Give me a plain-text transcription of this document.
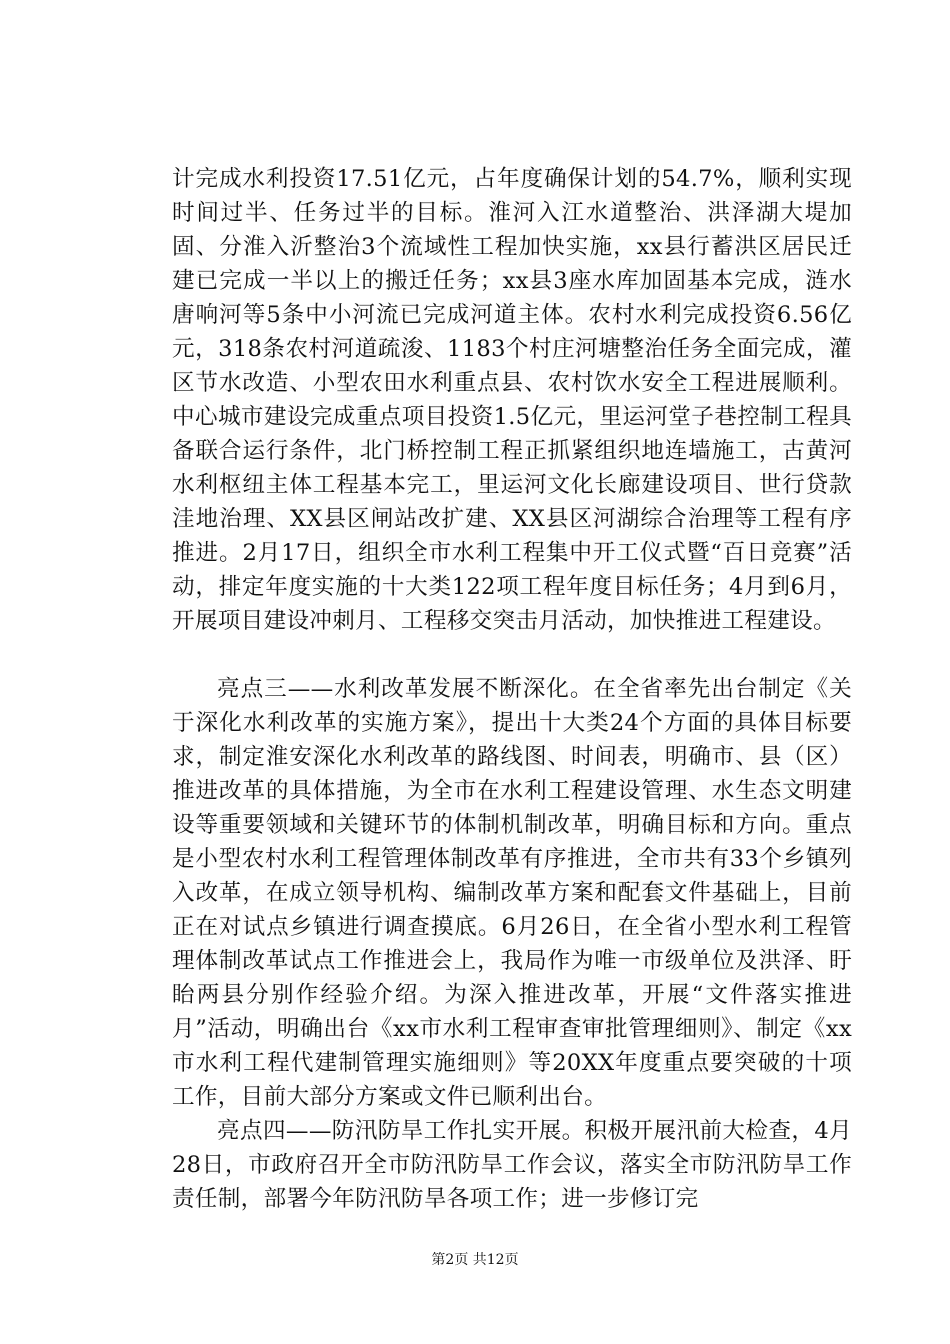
计完成水利投资17.51亿元，占年度确保计划的54.7%，顺利实现时间过半、任务过半的目标。淮河入江水道整治、洪泽湖大堤加固、分淮入沂整治3个流域性工程加快实施，xx县行蓄洪区居民迁建已完成一半以上的搬迁任务；xx县3座水库加固基本完成，涟水唐响河等5条中小河流已完成河道主体。农村水利完成投资6.56亿元，318条农村河道疏浚、1183个村庄河塘整治任务全面完成，灌区节水改造、小型农田水利重点县、农村饮水安全工程进展顺利。中心城市建设完成重点项目投资1.5亿元，里运河堂子巷控制工程具备联合运行条件，北门桥控制工程正抓紧组织地连墙施工，古黄河水利枢纽主体工程基本完工，里运河文化长廊建设项目、世行贷款洼地治理、XX县区闸站改扩建、XX县区河湖综合治理等工程有序推进。2月17日，组织全市水利工程集中开工仪式暨“百日竞赛”活动，排定年度实施的十大类122项工程年度目标任务；4月到6月，开展项目建设冲刺月、工程移交突击月活动，加快推进工程建设。

亮点三——水利改革发展不断深化。在全省率先出台制定《关于深化水利改革的实施方案》，提出十大类24个方面的具体目标要求，制定淮安深化水利改革的路线图、时间表，明确市、县（区）推进改革的具体措施，为全市在水利工程建设管理、水生态文明建设等重要领域和关键环节的体制机制改革，明确目标和方向。重点是小型农村水利工程管理体制改革有序推进，全市共有33个乡镇列入改革，在成立领导机构、编制改革方案和配套文件基础上，目前正在对试点乡镇进行调查摸底。6月26日，在全省小型水利工程管理体制改革试点工作推进会上，我局作为唯一市级单位及洪泽、盱眙两县分别作经验介绍。为深入推进改革，开展“文件落实推进月”活动，明确出台《xx市水利工程审查审批管理细则》、制定《xx市水利工程代建制管理实施细则》等20XX年度重点要突破的十项工作，目前大部分方案或文件已顺利出台。

亮点四——防汛防旱工作扎实开展。积极开展汛前大检查，4月28日，市政府召开全市防汛防旱工作会议，落实全市防汛防旱工作责任制，部署今年防汛防旱各项工作；进一步修订完

第2页 共12页
